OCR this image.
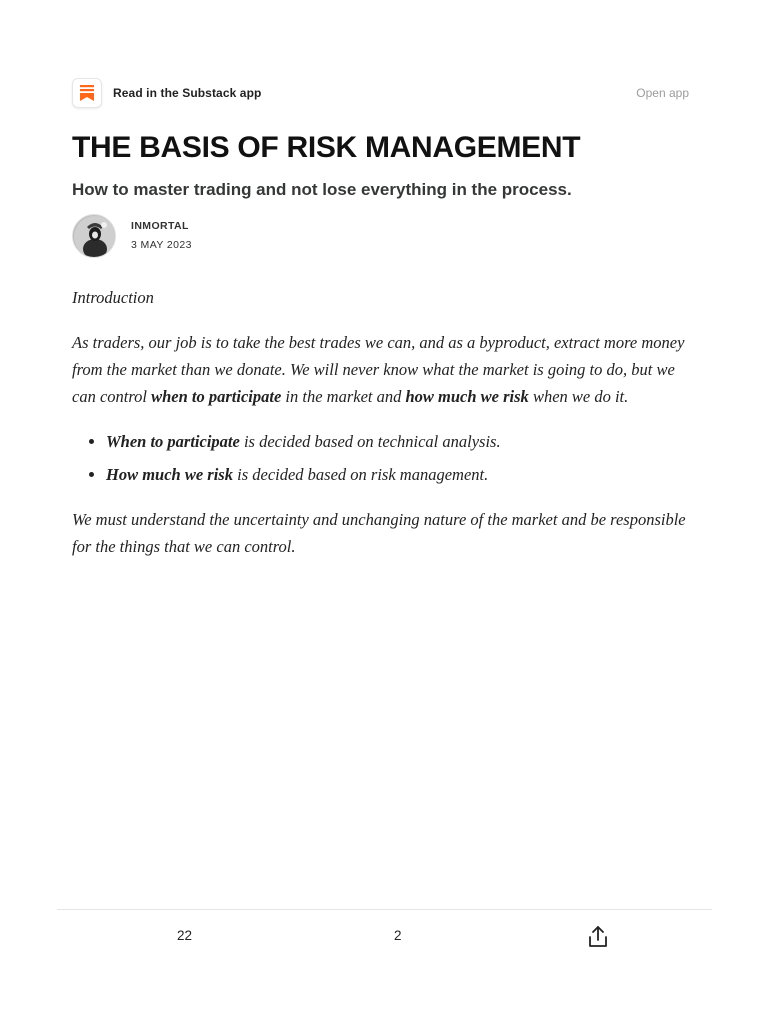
Read in the Substack app	Open app
THE BASIS OF RISK MANAGEMENT
How to master trading and not lose everything in the process.
INMORTAL
3 MAY 2023

Introduction

As traders, our job is to take the best trades we can, and as a byproduct, extract more money from the market than we donate. We will never know what the market is going to do, but we can control when to participate in the market and how much we risk when we do it.

• When to participate is decided based on technical analysis.
• How much we risk is decided based on risk management.

We must understand the uncertainty and unchanging nature of the market and be responsible for the things that we can control.

22	2
